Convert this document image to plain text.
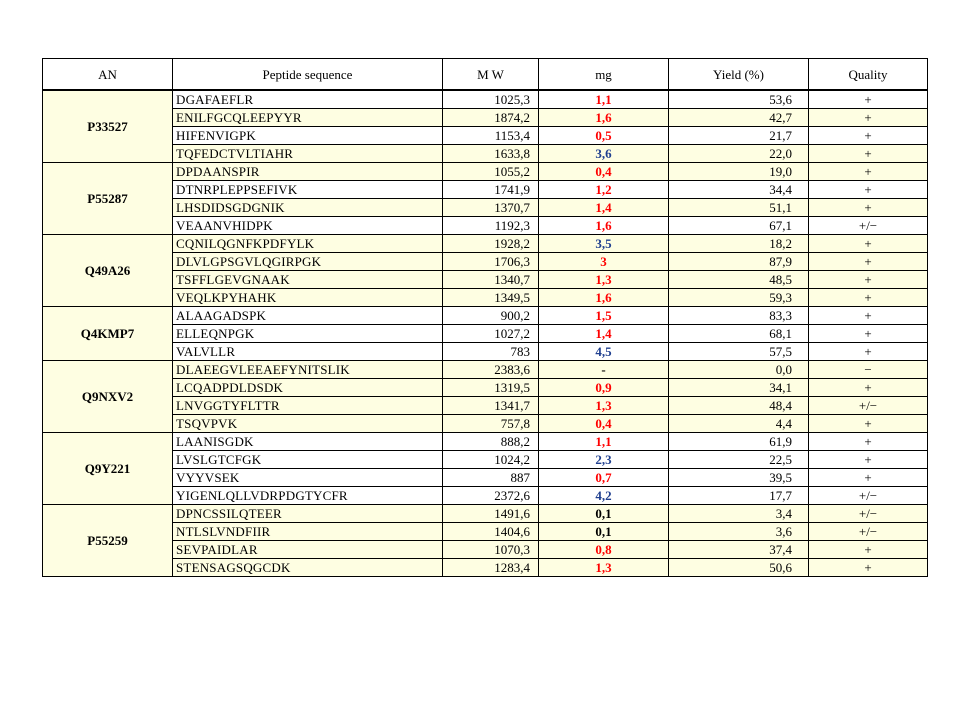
AN	Peptide sequence	M W	mg	Yield (%)	Quality
P33527	DGAFAEFLR	1025,3	1,1	53,6	+
	ENILFGCQLEEPYYR	1874,2	1,6	42,7	+
	HIFENVIGPK	1153,4	0,5	21,7	+
	TQFEDCTVLTIAHR	1633,8	3,6	22,0	+
P55287	DPDAANSPIR	1055,2	0,4	19,0	+
	DTNRPLEPPSEFIVK	1741,9	1,2	34,4	+
	LHSDIDSGDGNIK	1370,7	1,4	51,1	+
	VEAANVHIDPK	1192,3	1,6	67,1	+/−
Q49A26	CQNILQGNFKPDFYLK	1928,2	3,5	18,2	+
	DLVLGPSGVLQGIRPGK	1706,3	3	87,9	+
	TSFFLGEVGNAAK	1340,7	1,3	48,5	+
	VEQLKPYHAHK	1349,5	1,6	59,3	+
Q4KMP7	ALAAGADSPK	900,2	1,5	83,3	+
	ELLEQNPGK	1027,2	1,4	68,1	+
	VALVLLR	783	4,5	57,5	+
Q9NXV2	DLAEEGVLEEAEFYNITSLIK	2383,6	-	0,0	−
	LCQADPDLDSDK	1319,5	0,9	34,1	+
	LNVGGTYFLTTR	1341,7	1,3	48,4	+/−
	TSQVPVK	757,8	0,4	4,4	+
Q9Y221	LAANISGDK	888,2	1,1	61,9	+
	LVSLGTCFGK	1024,2	2,3	22,5	+
	VYYVSEK	887	0,7	39,5	+
	YIGENLQLLVDRPDGTYCFR	2372,6	4,2	17,7	+/−
P55259	DPNCSSILQTEER	1491,6	0,1	3,4	+/−
	NTLSLVNDFIIR	1404,6	0,1	3,6	+/−
	SEVPAIDLAR	1070,3	0,8	37,4	+
	STENSAGSQGCDK	1283,4	1,3	50,6	+
